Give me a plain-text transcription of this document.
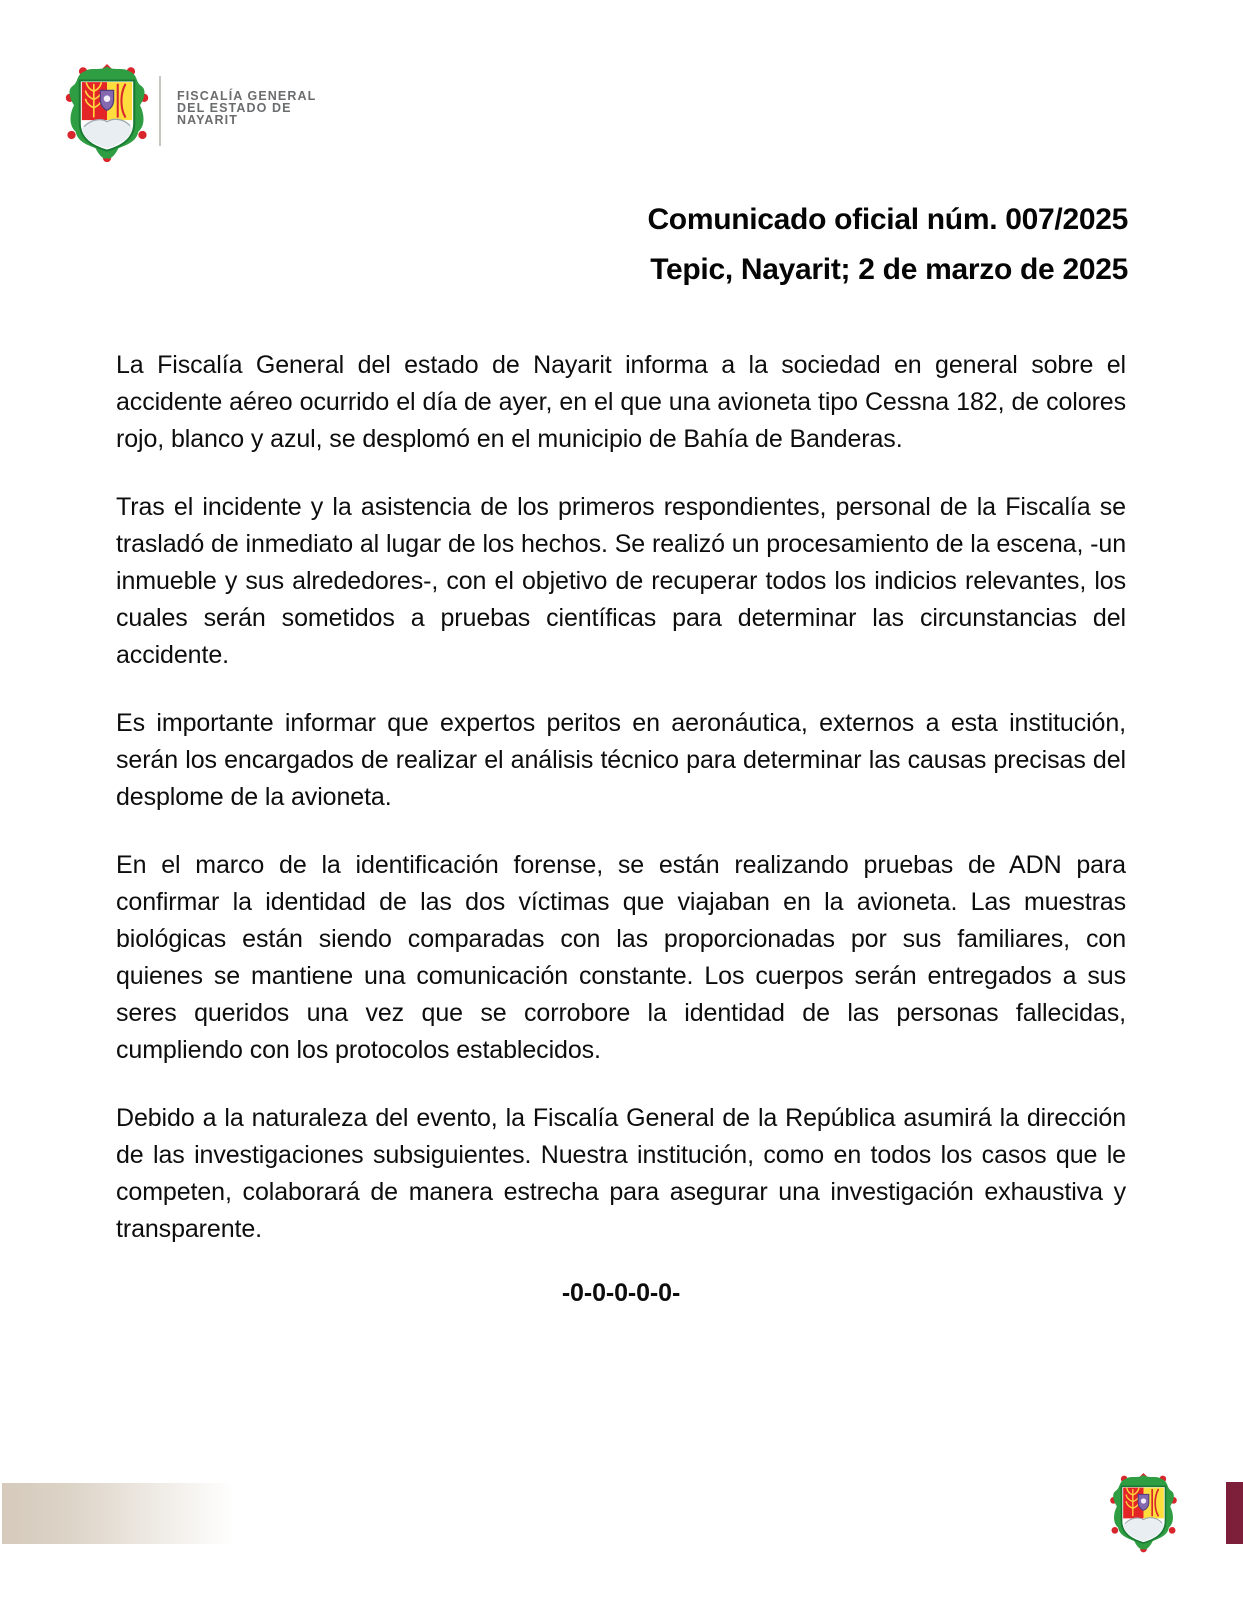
FISCALÍA GENERAL
DEL ESTADO DE
NAYARIT
Comunicado oficial núm. 007/2025
Tepic, Nayarit; 2 de marzo de 2025

La Fiscalía General del estado de Nayarit informa a la sociedad en general sobre el accidente aéreo ocurrido el día de ayer, en el que una avioneta tipo Cessna 182, de colores rojo, blanco y azul, se desplomó en el municipio de Bahía de Banderas.

Tras el incidente y la asistencia de los primeros respondientes, personal de la Fiscalía se trasladó de inmediato al lugar de los hechos. Se realizó un procesamiento de la escena, -un inmueble y sus alrededores-, con el objetivo de recuperar todos los indicios relevantes, los cuales serán sometidos a pruebas científicas para determinar las circunstancias del accidente.

Es importante informar que expertos peritos en aeronáutica, externos a esta institución, serán los encargados de realizar el análisis técnico para determinar las causas precisas del desplome de la avioneta.

En el marco de la identificación forense, se están realizando pruebas de ADN para confirmar la identidad de las dos víctimas que viajaban en la avioneta. Las muestras biológicas están siendo comparadas con las proporcionadas por sus familiares, con quienes se mantiene una comunicación constante. Los cuerpos serán entregados a sus seres queridos una vez que se corrobore la identidad de las personas fallecidas, cumpliendo con los protocolos establecidos.

Debido a la naturaleza del evento, la Fiscalía General de la República asumirá la dirección de las investigaciones subsiguientes. Nuestra institución, como en todos los casos que le competen, colaborará de manera estrecha para asegurar una investigación exhaustiva y transparente.

-0-0-0-0-0-
